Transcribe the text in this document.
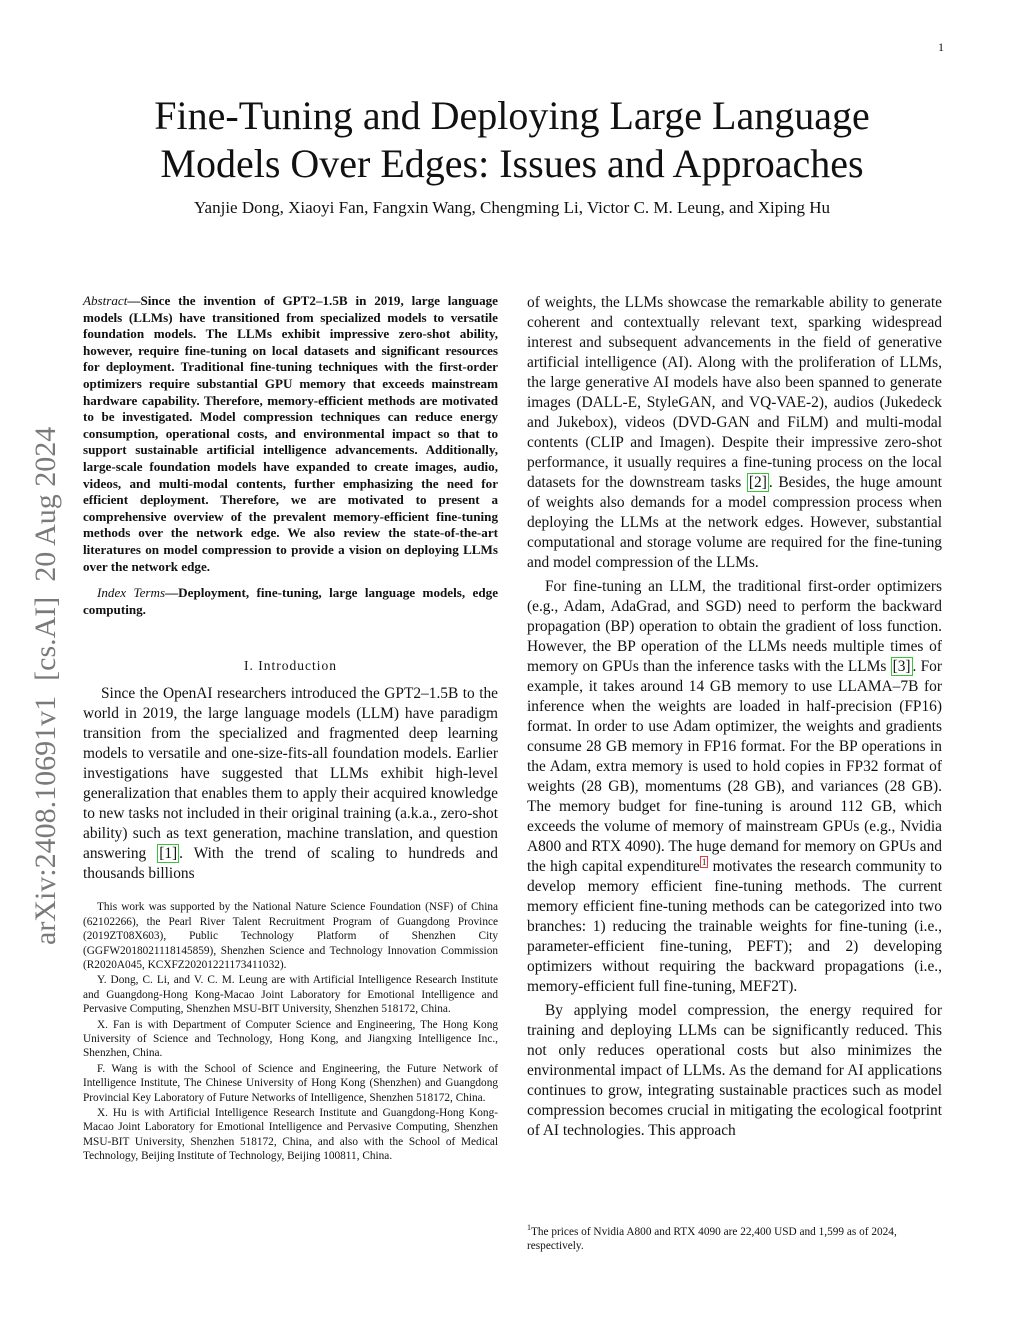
1
arXiv:2408.10691v1  [cs.AI]  20 Aug 2024
Fine-Tuning and Deploying Large Language
Models Over Edges: Issues and Approaches
Yanjie Dong, Xiaoyi Fan, Fangxin Wang, Chengming Li, Victor C. M. Leung, and Xiping Hu
Abstract—Since the invention of GPT2–1.5B in 2019, large language models (LLMs) have transitioned from specialized models to versatile foundation models. The LLMs exhibit impressive zero-shot ability, however, require fine-tuning on local datasets and significant resources for deployment. Traditional fine-tuning techniques with the first-order optimizers require substantial GPU memory that exceeds mainstream hardware capability. Therefore, memory-efficient methods are motivated to be investigated. Model compression techniques can reduce energy consumption, operational costs, and environmental impact so that to support sustainable artificial intelligence advancements. Additionally, large-scale foundation models have expanded to create images, audio, videos, and multi-modal contents, further emphasizing the need for efficient deployment. Therefore, we are motivated to present a comprehensive overview of the prevalent memory-efficient fine-tuning methods over the network edge. We also review the state-of-the-art literatures on model compression to provide a vision on deploying LLMs over the network edge.
Index Terms—Deployment, fine-tuning, large language models, edge computing.
I. Introduction

Since the OpenAI researchers introduced the GPT2–1.5B to the world in 2019, the large language models (LLM) have paradigm transition from the specialized and fragmented deep learning models to versatile and one-size-fits-all foundation models. Earlier investigations have suggested that LLMs exhibit high-level generalization that enables them to apply their acquired knowledge to new tasks not included in their original training (a.k.a., zero-shot ability) such as text generation, machine translation, and question answering [1] . With the trend of scaling to hundreds and thousands billions

This work was supported by the National Nature Science Foundation (NSF) of China (62102266), the Pearl River Talent Recruitment Program of Guangdong Province (2019ZT08X603), Public Technology Platform of Shenzhen City (GGFW2018021118145859), Shenzhen Science and Technology Innovation Commission (R2020A045, KCXFZ20201221173411032).

Y. Dong, C. Li, and V. C. M. Leung are with Artificial Intelligence Research Institute and Guangdong-Hong Kong-Macao Joint Laboratory for Emotional Intelligence and Pervasive Computing, Shenzhen MSU-BIT University, Shenzhen 518172, China.

X. Fan is with Department of Computer Science and Engineering, The Hong Kong University of Science and Technology, Hong Kong, and Jiangxing Intelligence Inc., Shenzhen, China.

F. Wang is with the School of Science and Engineering, the Future Network of Intelligence Institute, The Chinese University of Hong Kong (Shenzhen) and Guangdong Provincial Key Laboratory of Future Networks of Intelligence, Shenzhen 518172, China.

X. Hu is with Artificial Intelligence Research Institute and Guangdong-Hong Kong-Macao Joint Laboratory for Emotional Intelligence and Pervasive Computing, Shenzhen MSU-BIT University, Shenzhen 518172, China, and also with the School of Medical Technology, Beijing Institute of Technology, Beijing 100811, China.

of weights, the LLMs showcase the remarkable ability to generate coherent and contextually relevant text, sparking widespread interest and subsequent advancements in the field of generative artificial intelligence (AI). Along with the proliferation of LLMs, the large generative AI models have also been spanned to generate images (DALL-E, StyleGAN, and VQ-VAE-2), audios (Jukedeck and Jukebox), videos (DVD-GAN and FiLM) and multi-modal contents (CLIP and Imagen). Despite their impressive zero-shot performance, it usually requires a fine-tuning process on the local datasets for the downstream tasks [2] . Besides, the huge amount of weights also demands for a model compression process when deploying the LLMs at the network edges. However, substantial computational and storage volume are required for the fine-tuning and model compression of the LLMs.

For fine-tuning an LLM, the traditional first-order optimizers (e.g., Adam, AdaGrad, and SGD) need to perform the backward propagation (BP) operation to obtain the gradient of loss function. However, the BP operation of the LLMs needs multiple times of memory on GPUs than the inference tasks with the LLMs [3] . For example, it takes around 14 GB memory to use LLAMA–7B for inference when the weights are loaded in half-precision (FP16) format. In order to use Adam optimizer, the weights and gradients consume 28 GB memory in FP16 format. For the BP operations in the Adam, extra memory is used to hold copies in FP32 format of weights (28 GB), momentums (28 GB), and variances (28 GB). The memory budget for fine-tuning is around 112 GB, which exceeds the volume of memory of mainstream GPUs (e.g., Nvidia A800 and RTX 4090). The huge demand for memory on GPUs and the high capital expenditure $^1$ motivates the research community to develop memory efficient fine-tuning methods. The current memory efficient fine-tuning methods can be categorized into two branches: 1) reducing the trainable weights for fine-tuning (i.e., parameter-efficient fine-tuning, PEFT); and 2) developing optimizers without requiring the backward propagations (i.e., memory-efficient full fine-tuning, MEF2T).

By applying model compression, the energy required for training and deploying LLMs can be significantly reduced. This not only reduces operational costs but also minimizes the environmental impact of LLMs. As the demand for AI applications continues to grow, integrating sustainable practices such as model compression becomes crucial in mitigating the ecological footprint of AI technologies. This approach

$^1$The prices of Nvidia A800 and RTX 4090 are 22,400 USD and 1,599 as of 2024, respectively.
